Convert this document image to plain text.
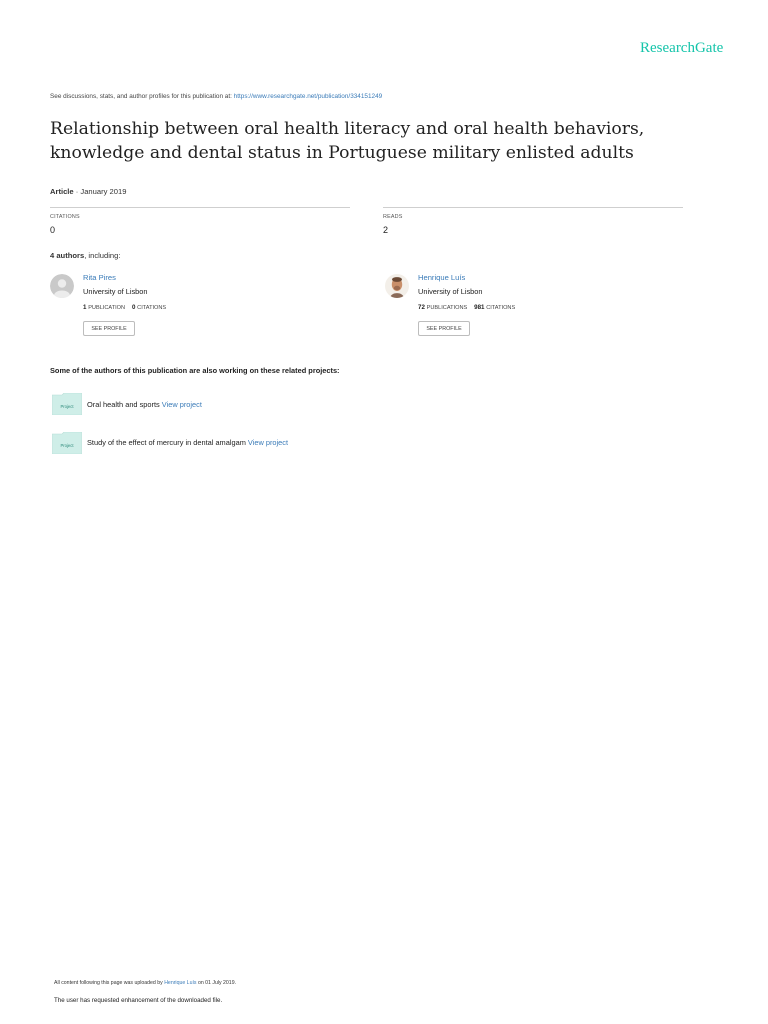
ResearchGate
See discussions, stats, and author profiles for this publication at: https://www.researchgate.net/publication/334151249
Relationship between oral health literacy and oral health behaviors, knowledge and dental status in Portuguese military enlisted adults
Article · January 2019
CITATIONS
0
READS
2
4 authors, including:
Rita Pires
University of Lisbon
1 PUBLICATION 0 CITATIONS
SEE PROFILE
Henrique Luís
University of Lisbon
72 PUBLICATIONS 981 CITATIONS
SEE PROFILE
Some of the authors of this publication are also working on these related projects:
Project Oral health and sports View project
Project Study of the effect of mercury in dental amalgam View project
All content following this page was uploaded by Henrique Luís on 01 July 2019.
The user has requested enhancement of the downloaded file.
